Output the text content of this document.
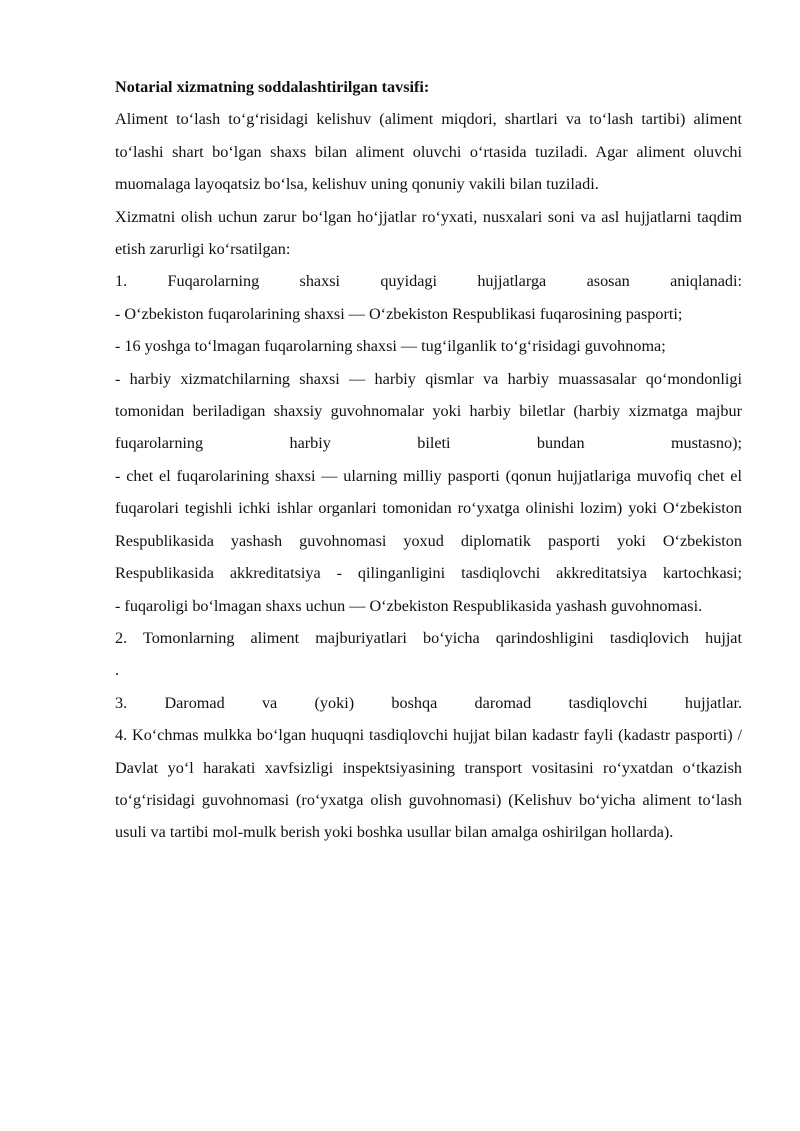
Notarial xizmatning soddalashtirilgan tavsifi:

Aliment to‘lash to‘g‘risidagi kelishuv (aliment miqdori, shartlari va to‘lash tartibi) aliment to‘lashi shart bo‘lgan shaxs bilan aliment oluvchi o‘rtasida tuziladi. Agar aliment oluvchi muomalaga layoqatsiz bo‘lsa, kelishuv uning qonuniy vakili bilan tuziladi.

Xizmatni olish uchun zarur bo‘lgan ho‘jjatlar ro‘yxati, nusxalari soni va asl hujjatlarni taqdim etish zarurligi ko‘rsatilgan:

1. Fuqarolarning shaxsi quyidagi hujjatlarga asosan aniqlanadi:

- O‘zbekiston fuqarolarining shaxsi — O‘zbekiston Respublikasi fuqarosining pasporti;

- 16 yoshga to‘lmagan fuqarolarning shaxsi — tug‘ilganlik to‘g‘risidagi guvohnoma;

- harbiy xizmatchilarning shaxsi — harbiy qismlar va harbiy muassasalar qo‘mondonligi tomonidan beriladigan shaxsiy guvohnomalar yoki harbiy biletlar (harbiy xizmatga majbur fuqarolarning harbiy bileti bundan mustasno);

- chet el fuqarolarining shaxsi — ularning milliy pasporti (qonun hujjatlariga muvofiq chet el fuqarolari tegishli ichki ishlar organlari tomonidan ro‘yxatga olinishi lozim) yoki O‘zbekiston Respublikasida yashash guvohnomasi yoxud diplomatik pasporti yoki O‘zbekiston Respublikasida akkreditatsiya - qilinganligini tasdiqlovchi akkreditatsiya kartochkasi;

- fuqaroligi bo‘lmagan shaxs uchun — O‘zbekiston Respublikasida yashash guvohnomasi.

2. Tomonlarning aliment majburiyatlari bo‘yicha qarindoshligini tasdiqlovich hujjat

.

3. Daromad va (yoki) boshqa daromad tasdiqlovchi hujjatlar.

4. Ko‘chmas mulkka bo‘lgan huquqni tasdiqlovchi hujjat bilan kadastr fayli (kadastr pasporti) / Davlat yo‘l harakati xavfsizligi inspektsiyasining transport vositasini ro‘yxatdan o‘tkazish to‘g‘risidagi guvohnomasi (ro‘yxatga olish guvohnomasi) (Kelishuv bo‘yicha aliment to‘lash usuli va tartibi mol-mulk berish yoki boshka usullar bilan amalga oshirilgan hollarda).
